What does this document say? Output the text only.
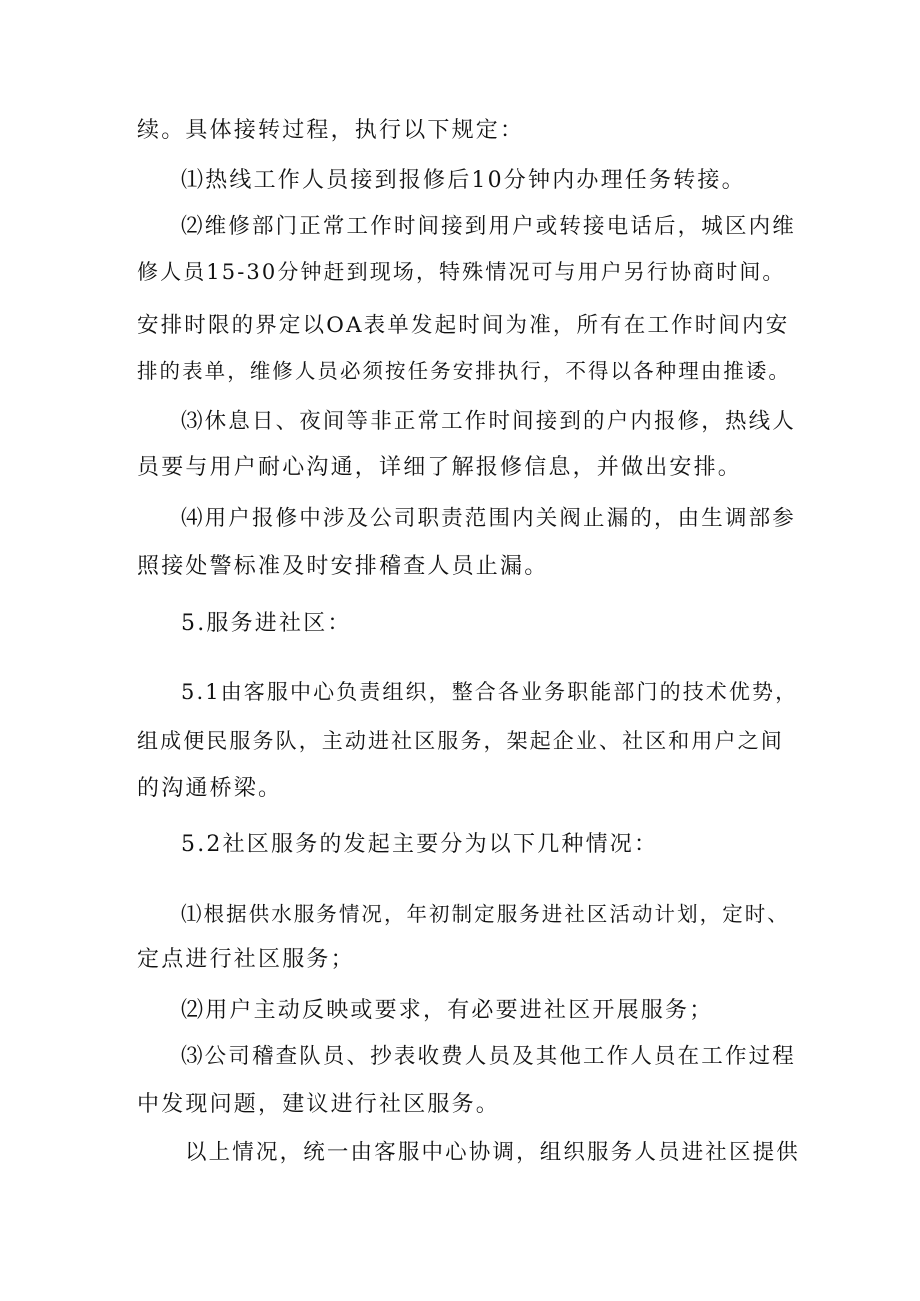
续。具体接转过程，执行以下规定：
⑴热线工作人员接到报修后10分钟内办理任务转接。
⑵维修部门正常工作时间接到用户或转接电话后，城区内维
修人员15-30分钟赶到现场，特殊情况可与用户另行协商时间。
安排时限的界定以OA表单发起时间为准，所有在工作时间内安
排的表单，维修人员必须按任务安排执行，不得以各种理由推诿。
⑶休息日、夜间等非正常工作时间接到的户内报修，热线人
员要与用户耐心沟通，详细了解报修信息，并做出安排。
⑷用户报修中涉及公司职责范围内关阀止漏的，由生调部参
照接处警标准及时安排稽查人员止漏。
5.服务进社区：
5.1由客服中心负责组织，整合各业务职能部门的技术优势，
组成便民服务队，主动进社区服务，架起企业、社区和用户之间
的沟通桥梁。
5.2社区服务的发起主要分为以下几种情况：
⑴根据供水服务情况，年初制定服务进社区活动计划，定时、
定点进行社区服务；
⑵用户主动反映或要求，有必要进社区开展服务；
⑶公司稽查队员、抄表收费人员及其他工作人员在工作过程
中发现问题，建议进行社区服务。
以上情况，统一由客服中心协调，组织服务人员进社区提供
